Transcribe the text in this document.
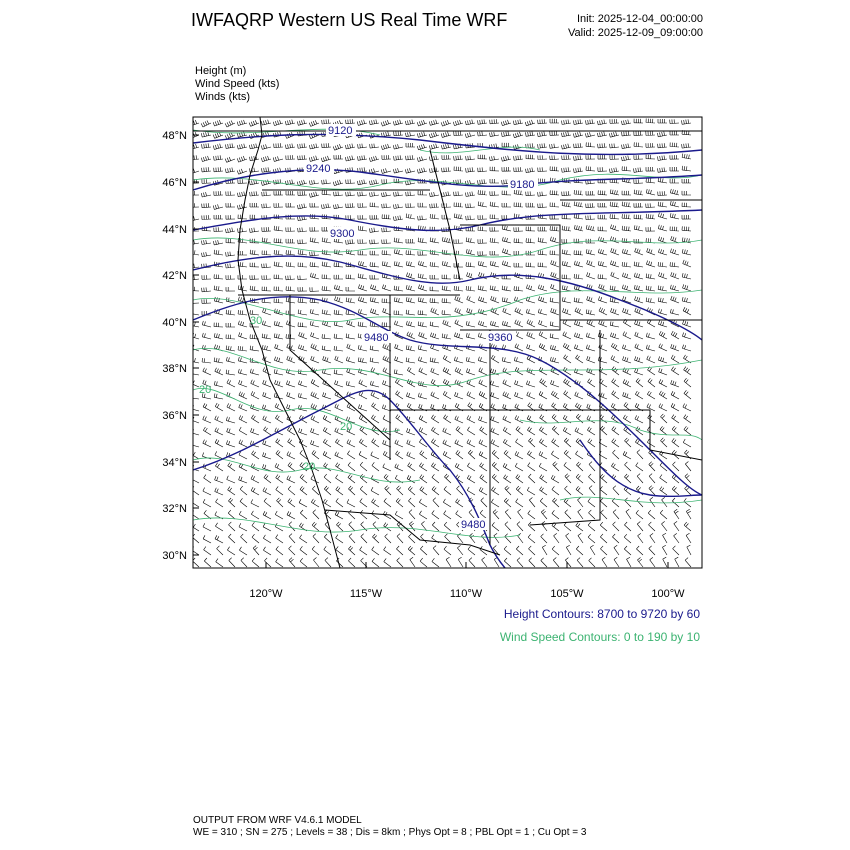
IWFAQRP Western US Real Time WRF	Init: 2025-12-04_00:00:00
Valid: 2025-12-09_09:00:00
Height (m)
Wind Speed (kts)
Winds (kts)
48°N
46°N
44°N
42°N
40°N
38°N
36°N
34°N
32°N
30°N
120°W	115°W	110°W	105°W	100°W
9120
9240
9180
9300
9480	9360
9480
20
30
20
20
Height Contours: 8700 to 9720 by 60
Wind Speed Contours: 0 to 190 by 10
OUTPUT FROM WRF V4.6.1 MODEL
WE = 310 ; SN = 275 ; Levels = 38 ; Dis = 8km ; Phys Opt = 8 ; PBL Opt = 1 ; Cu Opt = 3
